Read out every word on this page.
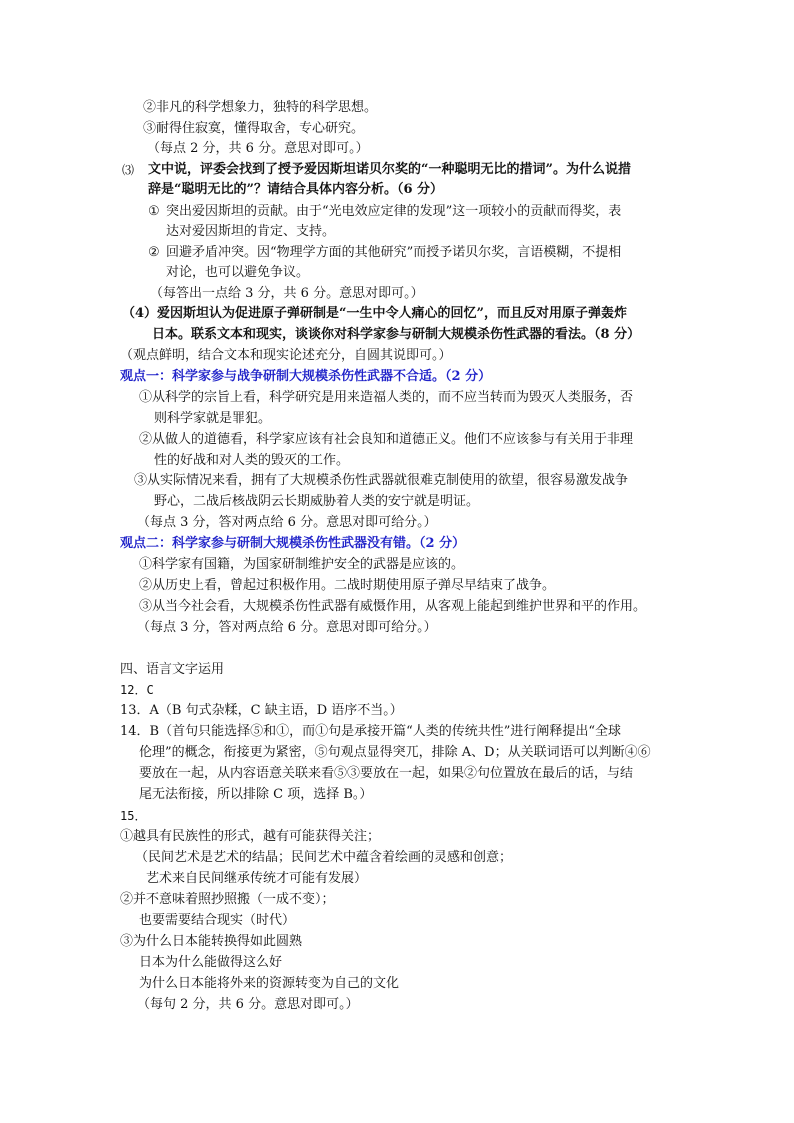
②非凡的科学想象力，独特的科学思想。
③耐得住寂寞，懂得取舍，专心研究。
（每点 2 分，共 6 分。意思对即可。）
⑶ 文中说，评委会找到了授予爱因斯坦诺贝尔奖的“一种聪明无比的措词”。为什么说措
辞是“聪明无比的”？请结合具体内容分析。（6 分）
① 突出爱因斯坦的贡献。由于“光电效应定律的发现”这一项较小的贡献而得奖，表
达对爱因斯坦的肯定、支持。
② 回避矛盾冲突。因“物理学方面的其他研究”而授予诺贝尔奖，言语模糊，不提相
对论，也可以避免争议。
（每答出一点给 3 分，共 6 分。意思对即可。）
（4）爱因斯坦认为促进原子弹研制是“一生中令人痛心的回忆”，而且反对用原子弹轰炸
日本。联系文本和现实，谈谈你对科学家参与研制大规模杀伤性武器的看法。（8 分）
（观点鲜明，结合文本和现实论述充分，自圆其说即可。）
观点一：科学家参与战争研制大规模杀伤性武器不合适。（2 分）
①从科学的宗旨上看，科学研究是用来造福人类的，而不应当转而为毁灭人类服务，否
则科学家就是罪犯。
②从做人的道德看，科学家应该有社会良知和道德正义。他们不应该参与有关用于非理
性的好战和对人类的毁灭的工作。
③从实际情况来看，拥有了大规模杀伤性武器就很难克制使用的欲望，很容易激发战争
野心，二战后核战阴云长期威胁着人类的安宁就是明证。
（每点 3 分，答对两点给 6 分。意思对即可给分。）
观点二：科学家参与研制大规模杀伤性武器没有错。（2 分）
①科学家有国籍，为国家研制维护安全的武器是应该的。
②从历史上看，曾起过积极作用。二战时期使用原子弹尽早结束了战争。
③从当今社会看，大规模杀伤性武器有威慑作用，从客观上能起到维护世界和平的作用。
（每点 3 分，答对两点给 6 分。意思对即可给分。）
四、语言文字运用
12．C
13．A（B 句式杂糅，C 缺主语，D 语序不当。）
14．B（首句只能选择⑤和①，而①句是承接开篇“人类的传统共性”进行阐释提出“全球
伦理”的概念，衔接更为紧密，⑤句观点显得突兀，排除 A、D；从关联词语可以判断④⑥
要放在一起，从内容语意关联来看⑤③要放在一起，如果②句位置放在最后的话，与结
尾无法衔接，所以排除 C 项，选择 B。）
15．
①越具有民族性的形式，越有可能获得关注；
（民间艺术是艺术的结晶；民间艺术中蕴含着绘画的灵感和创意；
艺术来自民间继承传统才可能有发展）
②并不意味着照抄照搬（一成不变）；
也要需要结合现实（时代）
③为什么日本能转换得如此圆熟
日本为什么能做得这么好
为什么日本能将外来的资源转变为自己的文化
（每句 2 分，共 6 分。意思对即可。）
